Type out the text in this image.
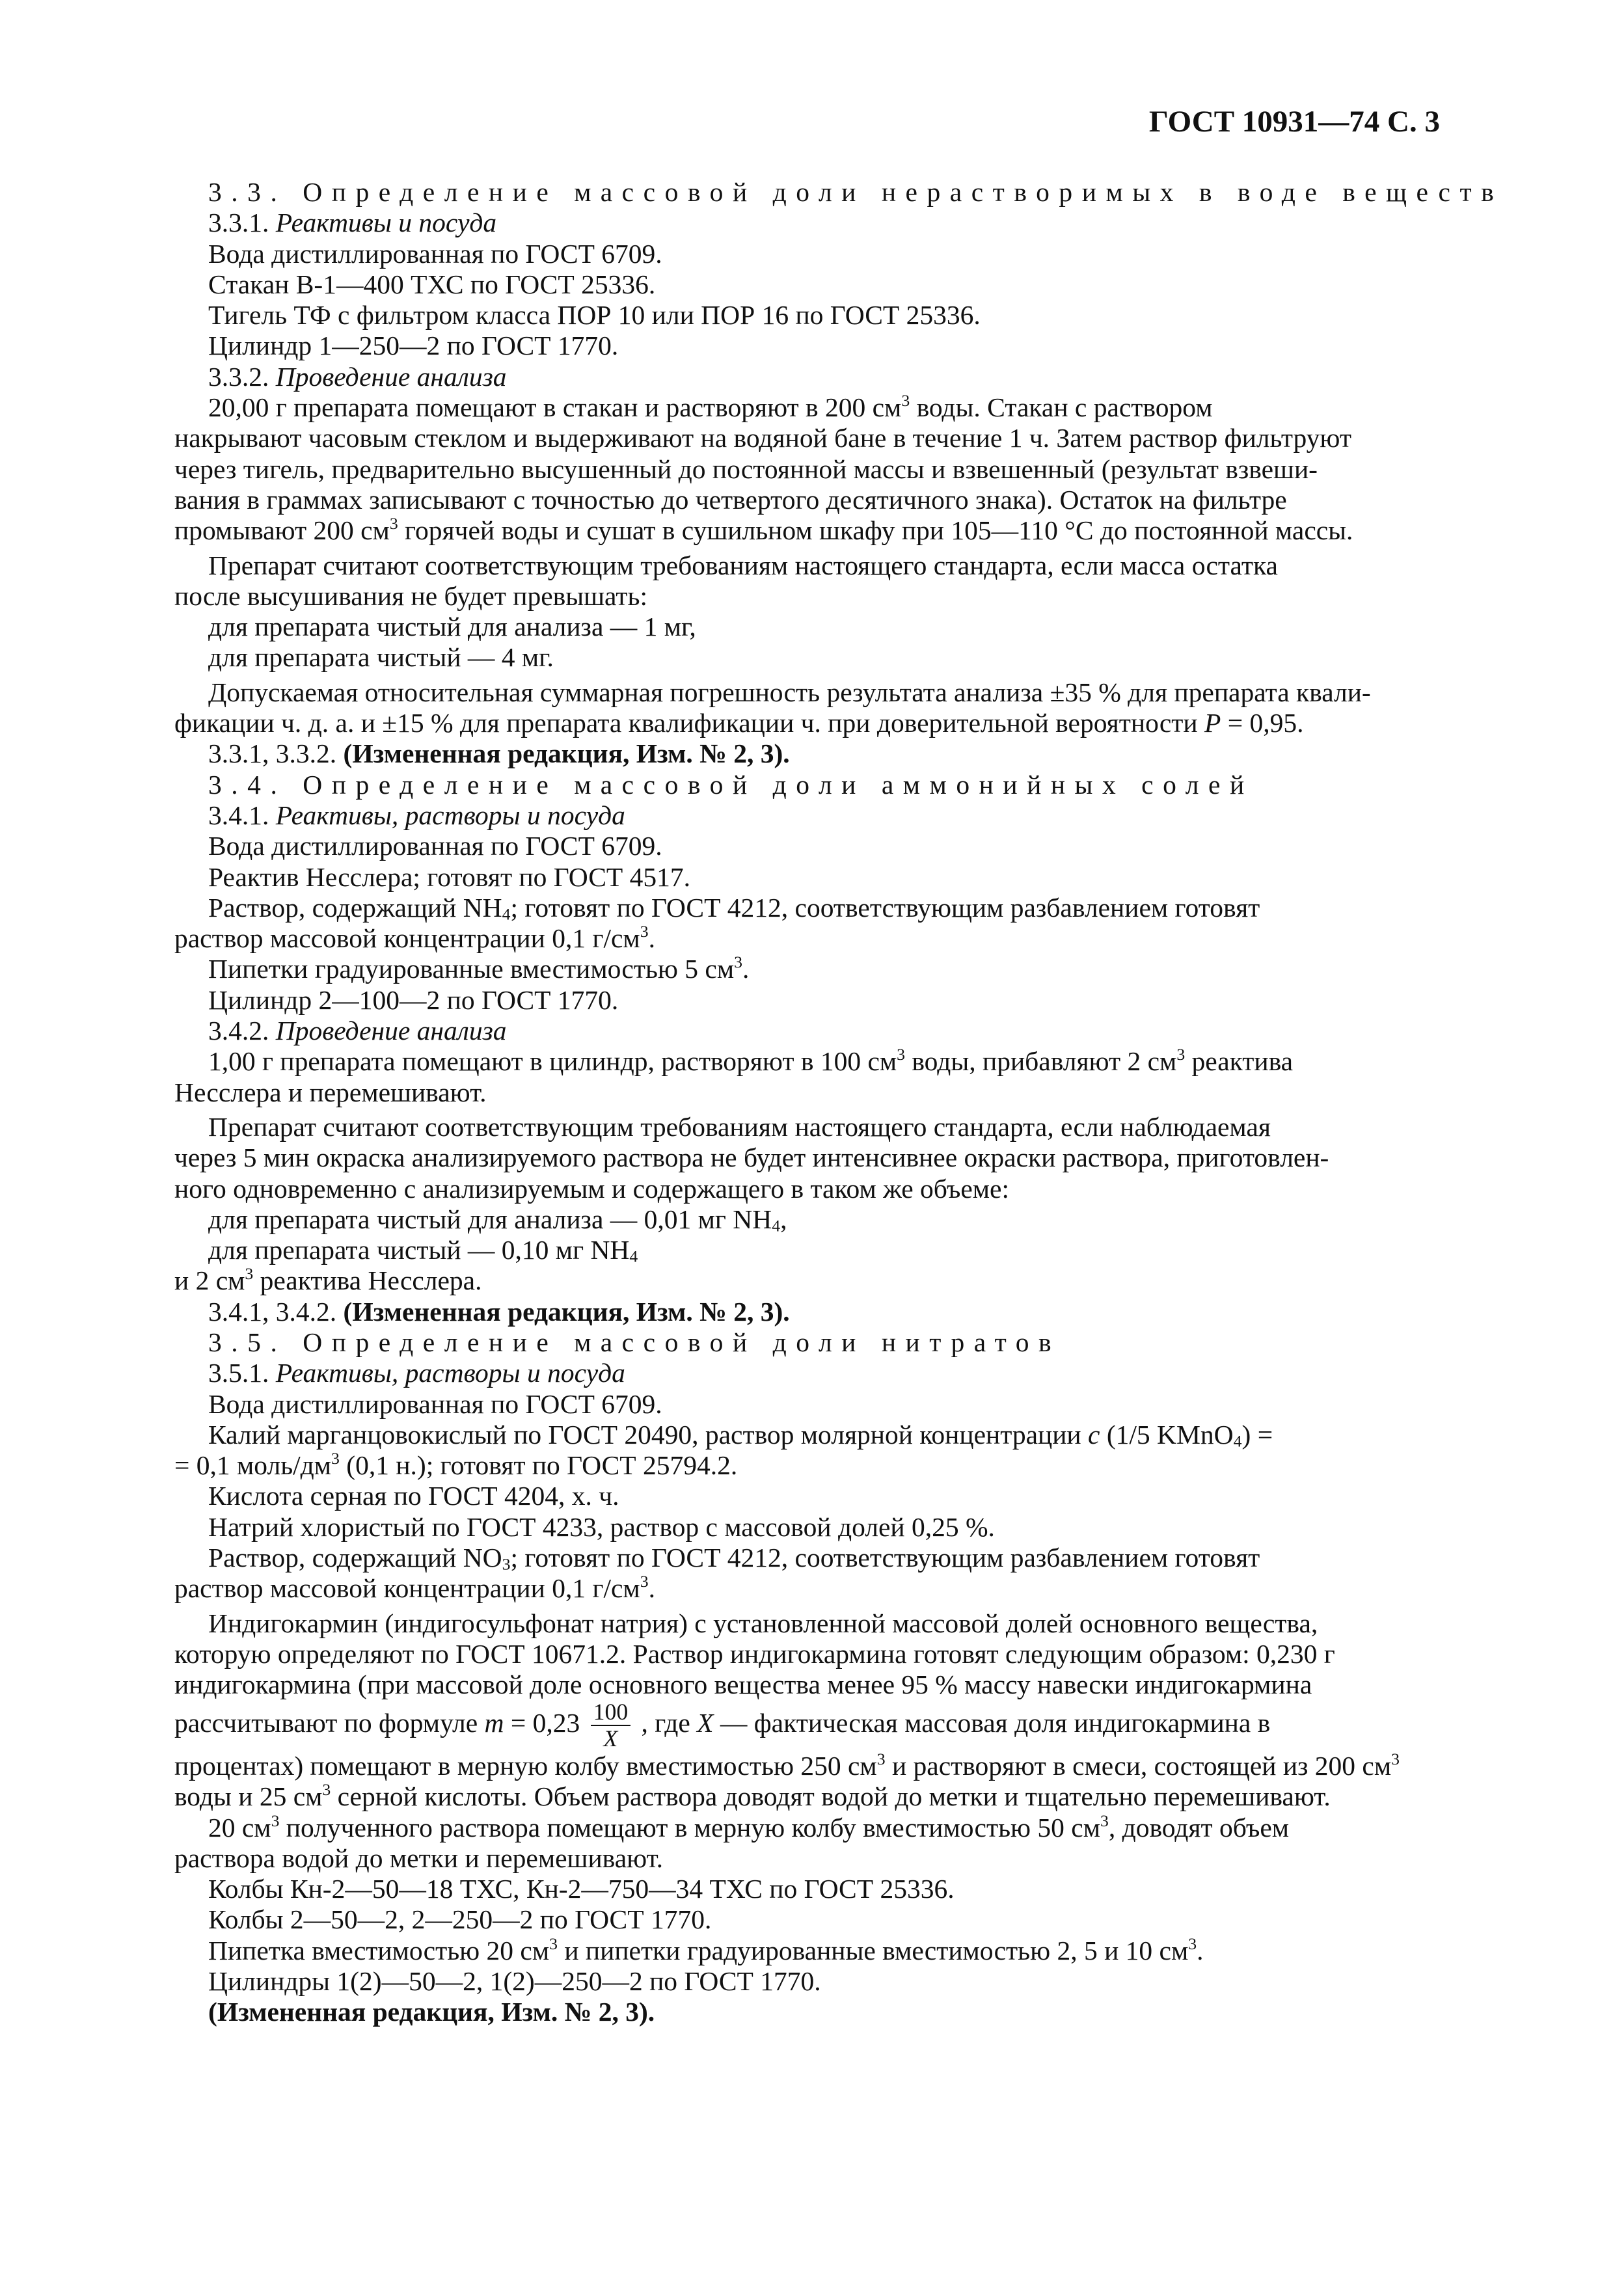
ГОСТ 10931—74 С. 3
3.3. Определение массовой доли нерастворимых в воде веществ
3.3.1. Реактивы и посуда
Вода дистиллированная по ГОСТ 6709.
Стакан В-1—400 ТХС по ГОСТ 25336.
Тигель ТФ с фильтром класса ПОР 10 или ПОР 16 по ГОСТ 25336.
Цилиндр 1—250—2 по ГОСТ 1770.
3.3.2. Проведение анализа
20,00 г препарата помещают в стакан и растворяют в 200 $см^3$ воды. Стакан с раствором
накрывают часовым стеклом и выдерживают на водяной бане в течение 1 ч. Затем раствор фильтруют
через тигель, предварительно высушенный до постоянной массы и взвешенный (результат взвеши-
вания в граммах записывают с точностью до четвертого десятичного знака). Остаток на фильтре
промывают 200 $см^3$ горячей воды и сушат в сушильном шкафу при 105—110 °С до постоянной массы.
Препарат считают соответствующим требованиям настоящего стандарта, если масса остатка
после высушивания не будет превышать:
для препарата чистый для анализа — 1 мг,
для препарата чистый — 4 мг.
Допускаемая относительная суммарная погрешность результата анализа ±35 % для препарата квали-
фикации ч. д. а. и ±15 % для препарата квалификации ч. при доверительной вероятности Р = 0,95.
3.3.1, 3.3.2. (Измененная редакция, Изм. № 2, 3).
3.4. Определение массовой доли аммонийных солей
3.4.1. Реактивы, растворы и посуда
Вода дистиллированная по ГОСТ 6709.
Реактив Несслера; готовят по ГОСТ 4517.
Раствор, содержащий $NH_4$; готовят по ГОСТ 4212, соответствующим разбавлением готовят
раствор массовой концентрации 0,1 $г/см^3$.
Пипетки градуированные вместимостью 5 $см^3$.
Цилиндр 2—100—2 по ГОСТ 1770.
3.4.2. Проведение анализа
1,00 г препарата помещают в цилиндр, растворяют в 100 $см^3$ воды, прибавляют 2 $см^3$ реактива
Несслера и перемешивают.
Препарат считают соответствующим требованиям настоящего стандарта, если наблюдаемая
через 5 мин окраска анализируемого раствора не будет интенсивнее окраски раствора, приготовлен-
ного одновременно с анализируемым и содержащего в таком же объеме:
для препарата чистый для анализа — 0,01 мг $NH_4$,
для препарата чистый — 0,10 мг $NH_4$
и 2 $см^3$ реактива Несслера.
3.4.1, 3.4.2. (Измененная редакция, Изм. № 2, 3).
3.5. Определение массовой доли нитратов
3.5.1. Реактивы, растворы и посуда
Вода дистиллированная по ГОСТ 6709.
Калий марганцовокислый по ГОСТ 20490, раствор молярной концентрации с (1/5 KMnO$_4$) =
= 0,1 моль/$дм^3$ (0,1 н.); готовят по ГОСТ 25794.2.
Кислота серная по ГОСТ 4204, х. ч.
Натрий хлористый по ГОСТ 4233, раствор с массовой долей 0,25 %.
Раствор, содержащий $NO_3$; готовят по ГОСТ 4212, соответствующим разбавлением готовят
раствор массовой концентрации 0,1 $г/см^3$.
Индигокармин (индигосульфонат натрия) с установленной массовой долей основного вещества,
которую определяют по ГОСТ 10671.2. Раствор индигокармина готовят следующим образом: 0,230 г
индигокармина (при массовой доле основного вещества менее 95 % массу навески индигокармина
рассчитывают по формуле $m = 0,23 \frac{100}{X}$ , где X — фактическая массовая доля индигокармина в
процентах) помещают в мерную колбу вместимостью 250 $см^3$ и растворяют в смеси, состоящей из 200 $см^3$
воды и 25 $см^3$ серной кислоты. Объем раствора доводят водой до метки и тщательно перемешивают.
20 $см^3$ полученного раствора помещают в мерную колбу вместимостью 50 $см^3$, доводят объем
раствора водой до метки и перемешивают.
Колбы Кн-2—50—18 ТХС, Кн-2—750—34 ТХС по ГОСТ 25336.
Колбы 2—50—2, 2—250—2 по ГОСТ 1770.
Пипетка вместимостью 20 $см^3$ и пипетки градуированные вместимостью 2, 5 и 10 $см^3$.
Цилиндры 1(2)—50—2, 1(2)—250—2 по ГОСТ 1770.
(Измененная редакция, Изм. № 2, 3).
